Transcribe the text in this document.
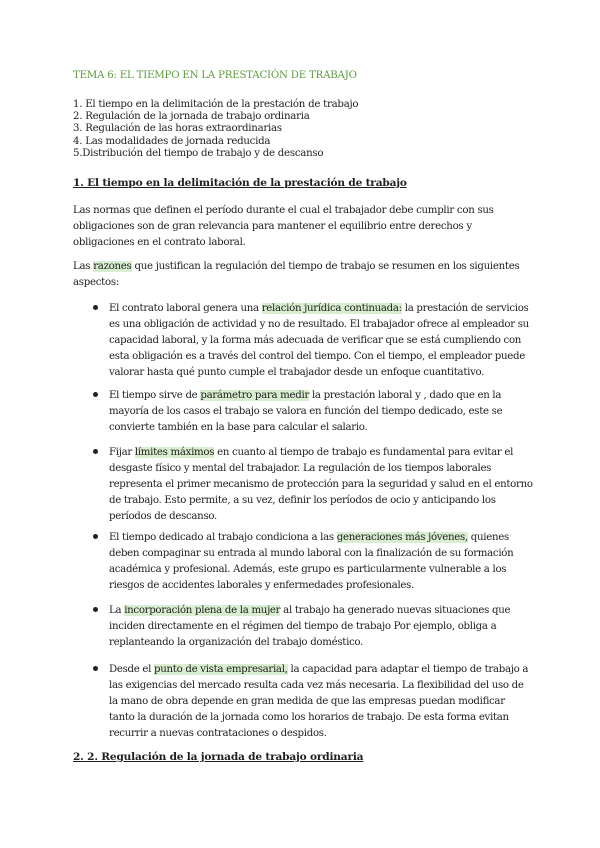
TEMA 6: EL TIEMPO EN LA PRESTACIÓN DE TRABAJO
1. El tiempo en la delimitación de la prestación de trabajo
2. Regulación de la jornada de trabajo ordinaria
3. Regulación de las horas extraordinarias
4. Las modalidades de jornada reducida
5.Distribución del tiempo de trabajo y de descanso
1. El tiempo en la delimitación de la prestación de trabajo

Las normas que definen el período durante el cual el trabajador debe cumplir con sus obligaciones son de gran relevancia para mantener el equilibrio entre derechos y obligaciones en el contrato laboral.

Las razones que justifican la regulación del tiempo de trabajo se resumen en los siguientes aspectos:

El contrato laboral genera una relación jurídica continuada: la prestación de servicios es una obligación de actividad y no de resultado. El trabajador ofrece al empleador su capacidad laboral, y la forma más adecuada de verificar que se está cumpliendo con esta obligación es a través del control del tiempo. Con el tiempo, el empleador puede valorar hasta qué punto cumple el trabajador desde un enfoque cuantitativo.

El tiempo sirve de parámetro para medir la prestación laboral y , dado que en la mayoría de los casos el trabajo se valora en función del tiempo dedicado, este se convierte también en la base para calcular el salario.

Fijar límites máximos en cuanto al tiempo de trabajo es fundamental para evitar el desgaste físico y mental del trabajador. La regulación de los tiempos laborales representa el primer mecanismo de protección para la seguridad y salud en el entorno de trabajo. Esto permite, a su vez, definir los períodos de ocio y anticipando los períodos de descanso.

El tiempo dedicado al trabajo condiciona a las generaciones más jóvenes, quienes deben compaginar su entrada al mundo laboral con la finalización de su formación académica y profesional. Además, este grupo es particularmente vulnerable a los riesgos de accidentes laborales y enfermedades profesionales.

La incorporación plena de la mujer al trabajo ha generado nuevas situaciones que inciden directamente en el régimen del tiempo de trabajo Por ejemplo, obliga a replanteando la organización del trabajo doméstico.

Desde el punto de vista empresarial, la capacidad para adaptar el tiempo de trabajo a las exigencias del mercado resulta cada vez más necesaria. La flexibilidad del uso de la mano de obra depende en gran medida de que las empresas puedan modificar tanto la duración de la jornada como los horarios de trabajo. De esta forma evitan recurrir a nuevas contrataciones o despidos.

2. 2. Regulación de la jornada de trabajo ordinaria
